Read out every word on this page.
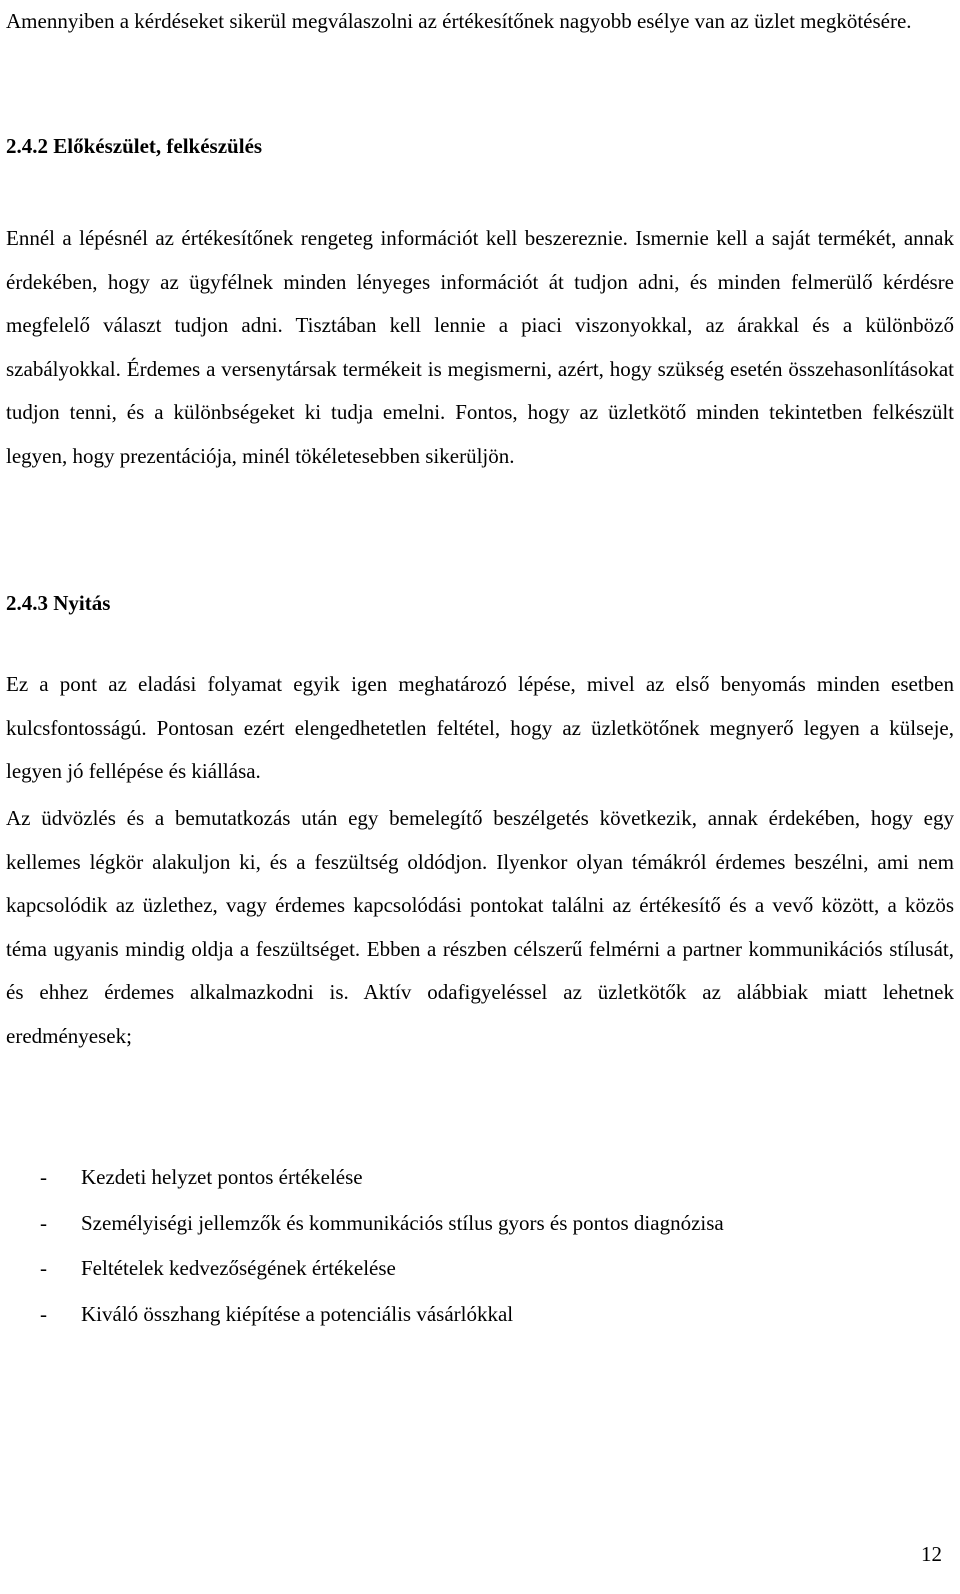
Amennyiben a kérdéseket sikerül megválaszolni az értékesítőnek nagyobb esélye van az üzlet megkötésére.

2.4.2 Előkészület, felkészülés

Ennél a lépésnél az értékesítőnek rengeteg információt kell beszereznie. Ismernie kell a saját termékét, annak érdekében, hogy az ügyfélnek minden lényeges információt át tudjon adni, és minden felmerülő kérdésre megfelelő választ tudjon adni. Tisztában kell lennie a piaci viszonyokkal, az árakkal és a különböző szabályokkal. Érdemes a versenytársak termékeit is megismerni, azért, hogy szükség esetén összehasonlításokat tudjon tenni, és a különbségeket ki tudja emelni. Fontos, hogy az üzletkötő minden tekintetben felkészült legyen, hogy prezentációja, minél tökéletesebben sikerüljön.

2.4.3 Nyitás

Ez a pont az eladási folyamat egyik igen meghatározó lépése, mivel az első benyomás minden esetben kulcsfontosságú. Pontosan ezért elengedhetetlen feltétel, hogy az üzletkötőnek megnyerő legyen a külseje, legyen jó fellépése és kiállása.

Az üdvözlés és a bemutatkozás után egy bemelegítő beszélgetés következik, annak érdekében, hogy egy kellemes légkör alakuljon ki, és a feszültség oldódjon. Ilyenkor olyan témákról érdemes beszélni, ami nem kapcsolódik az üzlethez, vagy érdemes kapcsolódási pontokat találni az értékesítő és a vevő között, a közös téma ugyanis mindig oldja a feszültséget. Ebben a részben célszerű felmérni a partner kommunikációs stílusát, és ehhez érdemes alkalmazkodni is. Aktív odafigyeléssel az üzletkötők az alábbiak miatt lehetnek eredményesek;

-	Kezdeti helyzet pontos értékelése
-	Személyiségi jellemzők és kommunikációs stílus gyors és pontos diagnózisa
-	Feltételek kedvezőségének értékelése
-	Kiváló összhang kiépítése a potenciális vásárlókkal
12
